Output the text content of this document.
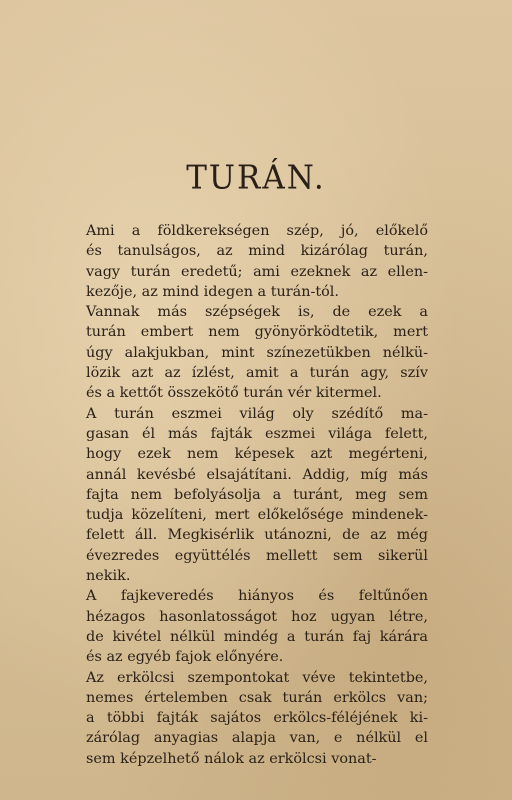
TURÁN.

Ami a földkerekségen szép, jó, előkelő
és tanulságos, az mind kizárólag turán,
vagy turán eredetű; ami ezeknek az ellen-
kezője, az mind idegen a turán-tól.

Vannak más szépségek is, de ezek a
turán embert nem gyönyörködtetik, mert
úgy alakjukban, mint színezetükben nélkü-
lözik azt az ízlést, amit a turán agy, szív
és a kettőt összekötő turán vér kitermel.

A turán eszmei világ oly szédítő ma-
gasan él más fajták eszmei világa felett,
hogy ezek nem képesek azt megérteni,
annál kevésbé elsajátítani. Addig, míg más
fajta nem befolyásolja a turánt, meg sem
tudja közelíteni, mert előkelősége mindenek-
felett áll. Megkisérlik utánozni, de az még
évezredes együttélés mellett sem sikerül
nekik.

A fajkeveredés hiányos és feltűnően
hézagos hasonlatosságot hoz ugyan létre,
de kivétel nélkül mindég a turán faj kárára
és az egyéb fajok előnyére.

Az erkölcsi szempontokat véve tekintetbe,
nemes értelemben csak turán erkölcs van;
a többi fajták sajátos erkölcs-féléjének ki-
zárólag anyagias alapja van, e nélkül el
sem képzelhető nálok az erkölcsi vonat-
